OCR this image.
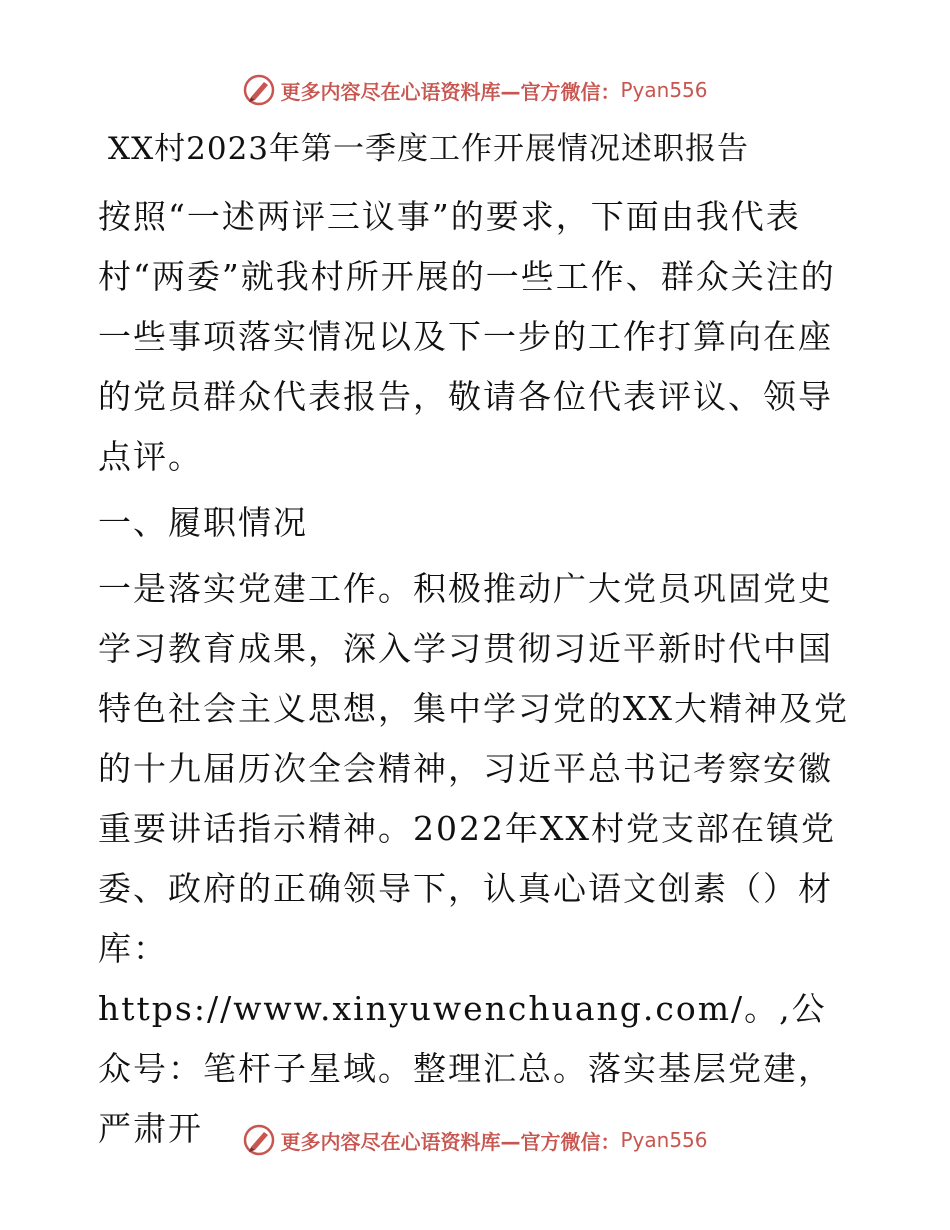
更多内容尽在心语资料库—官方微信： Pyan556
XX村2023年第一季度工作开展情况述职报告

按照“一述两评三议事”的要求，下面由我代表村“两委”就我村所开展的一些工作、群众关注的一些事项落实情况以及下一步的工作打算向在座的党员群众代表报告，敬请各位代表评议、领导点评。

一、履职情况

一是落实党建工作。积极推动广大党员巩固党史学习教育成果，深入学习贯彻习近平新时代中国特色社会主义思想，集中学习党的XX大精神及党的十九届历次全会精神，习近平总书记考察安徽重要讲话指示精神。2022年XX村党支部在镇党委、政府的正确领导下，认真心语文创素（）材库：https://www.xinyuwenchuang.com/。,公众号：笔杆子星域。整理汇总。落实基层党建，严肃开	更多内容尽在心语资料库—官方微信： Pyan556
